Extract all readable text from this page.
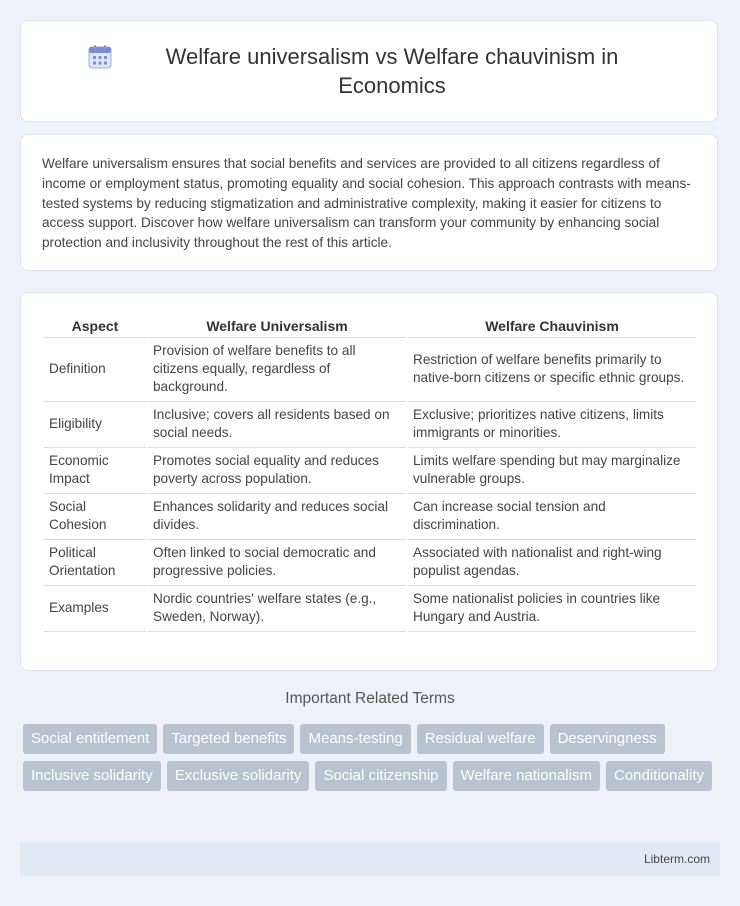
Welfare universalism vs Welfare chauvinism in Economics

Welfare universalism ensures that social benefits and services are provided to all citizens regardless of income or employment status, promoting equality and social cohesion. This approach contrasts with means-tested systems by reducing stigmatization and administrative complexity, making it easier for citizens to access support. Discover how welfare universalism can transform your community by enhancing social protection and inclusivity throughout the rest of this article.

Aspect	Welfare Universalism	Welfare Chauvinism
Definition	Provision of welfare benefits to all citizens equally, regardless of background.	Restriction of welfare benefits primarily to native-born citizens or specific ethnic groups.
Eligibility	Inclusive; covers all residents based on social needs.	Exclusive; prioritizes native citizens, limits immigrants or minorities.
Economic Impact	Promotes social equality and reduces poverty across population.	Limits welfare spending but may marginalize vulnerable groups.
Social Cohesion	Enhances solidarity and reduces social divides.	Can increase social tension and discrimination.
Political Orientation	Often linked to social democratic and progressive policies.	Associated with nationalist and right-wing populist agendas.
Examples	Nordic countries' welfare states (e.g., Sweden, Norway).	Some nationalist policies in countries like Hungary and Austria.
Important Related Terms
Social entitlement	Targeted benefits	Means-testing	Residual welfare	Deservingness
Inclusive solidarity	Exclusive solidarity	Social citizenship	Welfare nationalism	Conditionality
Libterm.com
